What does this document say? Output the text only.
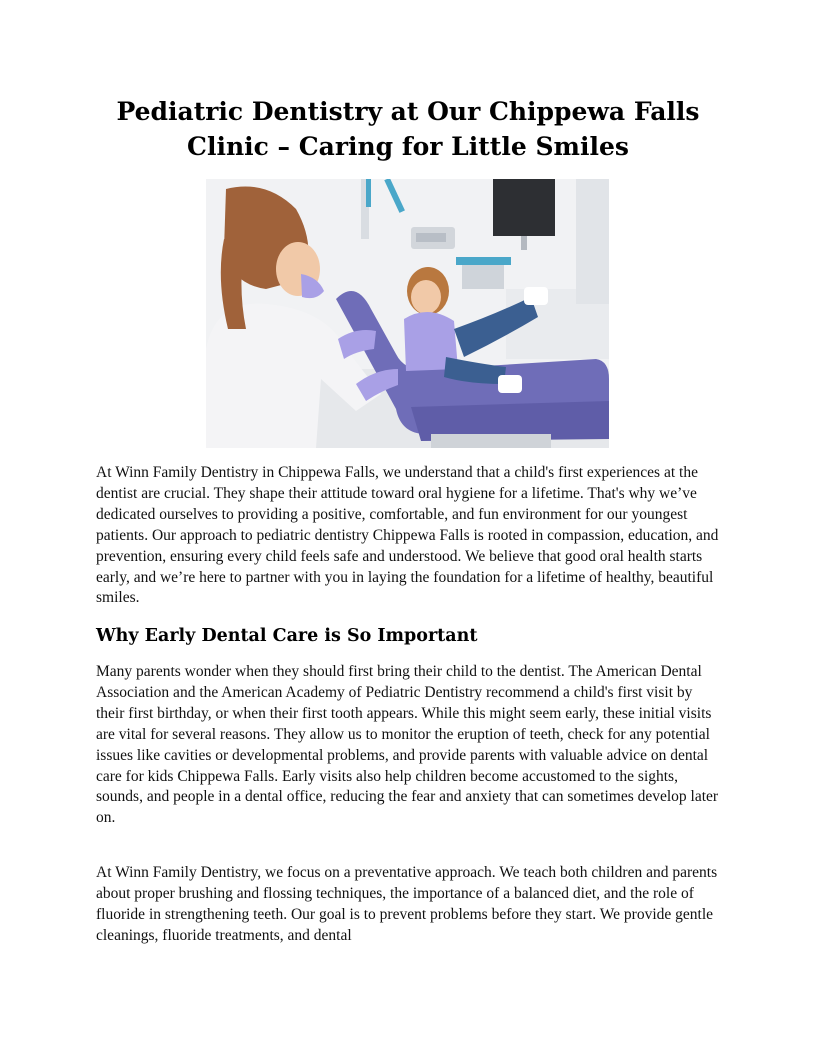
Pediatric Dentistry at Our Chippewa Falls Clinic – Caring for Little Smiles

At Winn Family Dentistry in Chippewa Falls, we understand that a child's first experiences at the dentist are crucial. They shape their attitude toward oral hygiene for a lifetime. That's why we’ve dedicated ourselves to providing a positive, comfortable, and fun environment for our youngest patients. Our approach to pediatric dentistry Chippewa Falls is rooted in compassion, education, and prevention, ensuring every child feels safe and understood. We believe that good oral health starts early, and we’re here to partner with you in laying the foundation for a lifetime of healthy, beautiful smiles.

Why Early Dental Care is So Important

Many parents wonder when they should first bring their child to the dentist. The American Dental Association and the American Academy of Pediatric Dentistry recommend a child's first visit by their first birthday, or when their first tooth appears. While this might seem early, these initial visits are vital for several reasons. They allow us to monitor the eruption of teeth, check for any potential issues like cavities or developmental problems, and provide parents with valuable advice on dental care for kids Chippewa Falls. Early visits also help children become accustomed to the sights, sounds, and people in a dental office, reducing the fear and anxiety that can sometimes develop later on.

At Winn Family Dentistry, we focus on a preventative approach. We teach both children and parents about proper brushing and flossing techniques, the importance of a balanced diet, and the role of fluoride in strengthening teeth. Our goal is to prevent problems before they start. We provide gentle cleanings, fluoride treatments, and dental
